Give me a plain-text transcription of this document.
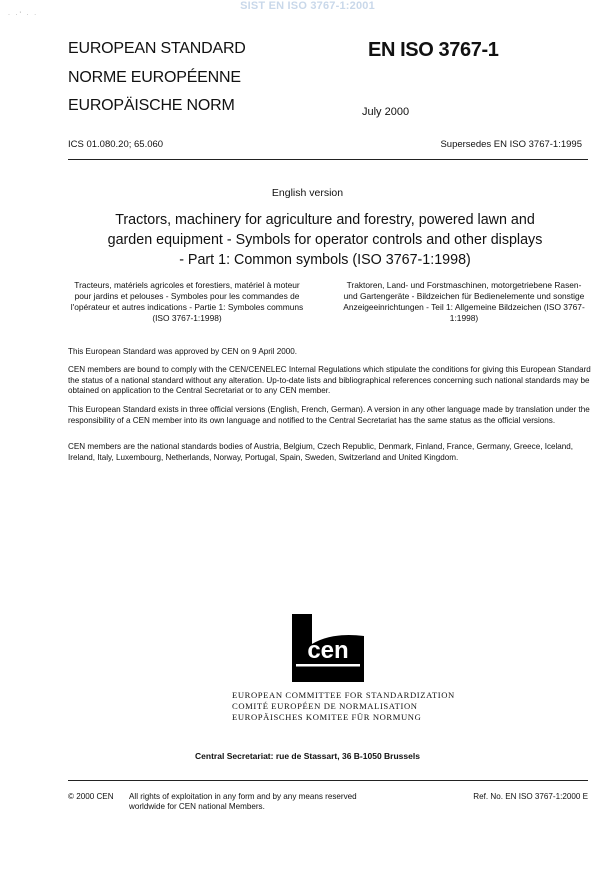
SIST EN ISO 3767-1:2001
· ·' · ·
EUROPEAN STANDARD
NORME EUROPÉENNE
EUROPÄISCHE NORM
EN ISO 3767-1
July 2000
ICS 01.080.20; 65.060	Supersedes EN ISO 3767-1:1995
English version
Tractors, machinery for agriculture and forestry, powered lawn and garden equipment - Symbols for operator controls and other displays - Part 1: Common symbols (ISO 3767-1:1998)
Tracteurs, matériels agricoles et forestiers, matériel à moteur pour jardins et pelouses - Symboles pour les commandes de l'opérateur et autres indications - Partie 1: Symboles communs (ISO 3767-1:1998)
Traktoren, Land- und Forstmaschinen, motorgetriebene Rasen- und Gartengeräte - Bildzeichen für Bedienelemente und sonstige Anzeigeeinrichtungen - Teil 1: Allgemeine Bildzeichen (ISO 3767-1:1998)
This European Standard was approved by CEN on 9 April 2000.
CEN members are bound to comply with the CEN/CENELEC Internal Regulations which stipulate the conditions for giving this European Standard the status of a national standard without any alteration. Up-to-date lists and bibliographical references concerning such national standards may be obtained on application to the Central Secretariat or to any CEN member.
This European Standard exists in three official versions (English, French, German). A version in any other language made by translation under the responsibility of a CEN member into its own language and notified to the Central Secretariat has the same status as the official versions.
CEN members are the national standards bodies of Austria, Belgium, Czech Republic, Denmark, Finland, France, Germany, Greece, Iceland, Ireland, Italy, Luxembourg, Netherlands, Norway, Portugal, Spain, Sweden, Switzerland and United Kingdom.
cen
EUROPEAN COMMITTEE FOR STANDARDIZATION
COMITÉ EUROPÉEN DE NORMALISATION
EUROPÄISCHES KOMITEE FÜR NORMUNG
Central Secretariat: rue de Stassart, 36 B-1050 Brussels
© 2000 CEN All rights of exploitation in any form and by any means reserved worldwide for CEN national Members.
Ref. No. EN ISO 3767-1:2000 E
